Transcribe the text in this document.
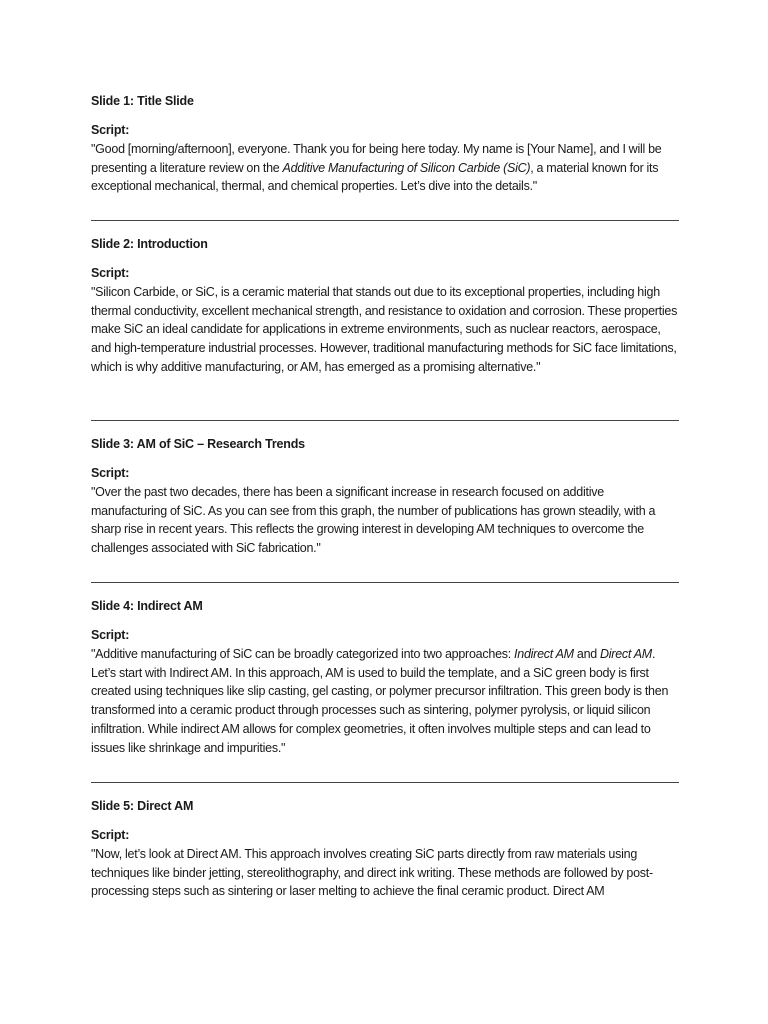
Slide 1: Title Slide

Script:

"Good [morning/afternoon], everyone. Thank you for being here today. My name is [Your Name], and I will be presenting a literature review on the Additive Manufacturing of Silicon Carbide (SiC), a material known for its exceptional mechanical, thermal, and chemical properties. Let’s dive into the details."

Slide 2: Introduction

Script:

"Silicon Carbide, or SiC, is a ceramic material that stands out due to its exceptional properties, including high thermal conductivity, excellent mechanical strength, and resistance to oxidation and corrosion. These properties make SiC an ideal candidate for applications in extreme environments, such as nuclear reactors, aerospace, and high-temperature industrial processes. However, traditional manufacturing methods for SiC face limitations, which is why additive manufacturing, or AM, has emerged as a promising alternative."

Slide 3: AM of SiC – Research Trends

Script:

"Over the past two decades, there has been a significant increase in research focused on additive manufacturing of SiC. As you can see from this graph, the number of publications has grown steadily, with a sharp rise in recent years. This reflects the growing interest in developing AM techniques to overcome the challenges associated with SiC fabrication."

Slide 4: Indirect AM

Script:

"Additive manufacturing of SiC can be broadly categorized into two approaches: Indirect AM and Direct AM. Let’s start with Indirect AM. In this approach, AM is used to build the template, and a SiC green body is first created using techniques like slip casting, gel casting, or polymer precursor infiltration. This green body is then transformed into a ceramic product through processes such as sintering, polymer pyrolysis, or liquid silicon infiltration. While indirect AM allows for complex geometries, it often involves multiple steps and can lead to issues like shrinkage and impurities."

Slide 5: Direct AM

Script:

"Now, let’s look at Direct AM. This approach involves creating SiC parts directly from raw materials using techniques like binder jetting, stereolithography, and direct ink writing. These methods are followed by post-processing steps such as sintering or laser melting to achieve the final ceramic product. Direct AM
